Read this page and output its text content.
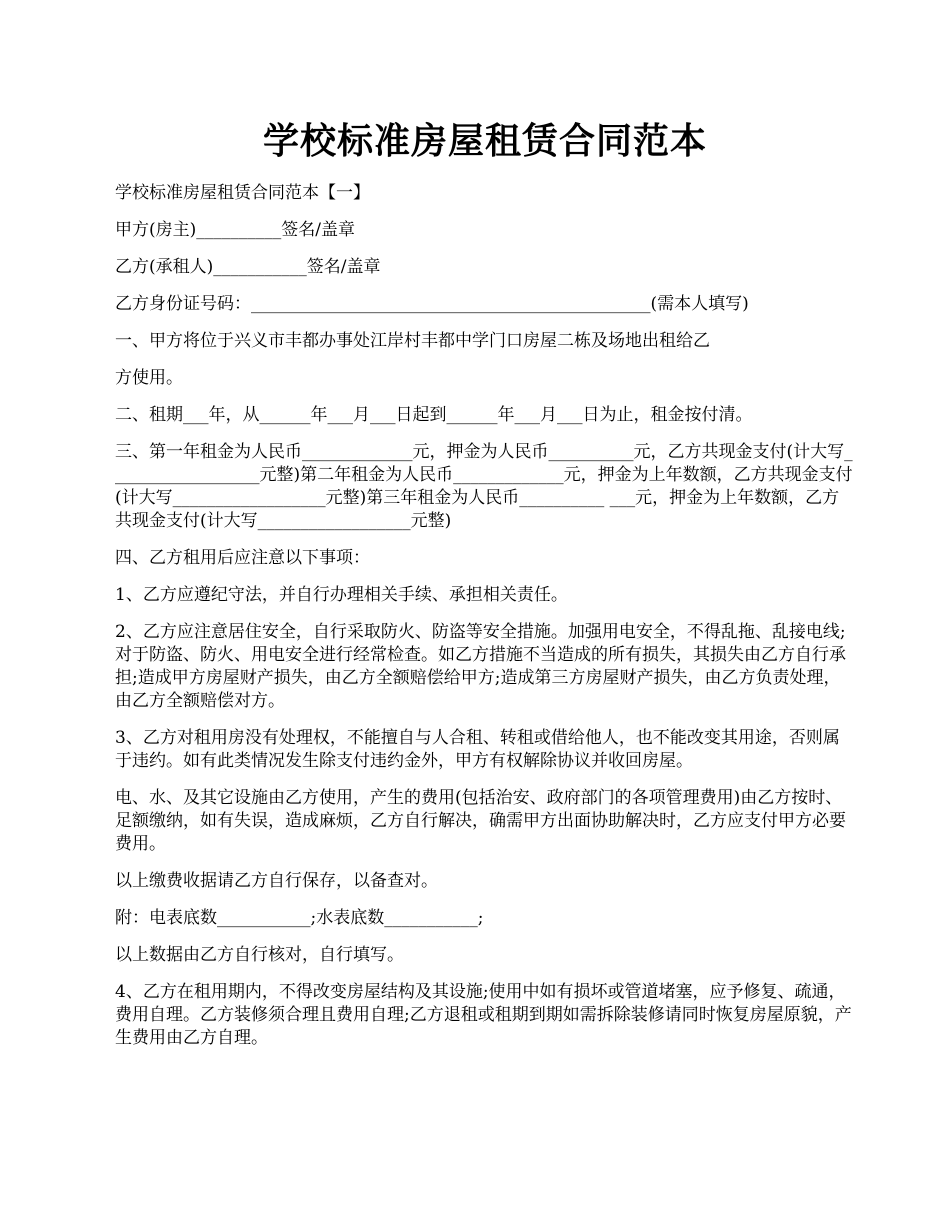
学校标准房屋租赁合同范本

学校标准房屋租赁合同范本【一】

甲方(房主)__________签名/盖章

乙方(承租人)___________签名/盖章

乙方身份证号码：_______________________________________________(需本人填写)

一、甲方将位于兴义市丰都办事处江岸村丰都中学门口房屋二栋及场地出租给乙

方使用。

二、租期___年，从______年___月___日起到______年___月___日为止，租金按付清。

三、第一年租金为人民币_____________元，押金为人民币__________元，乙方共现金支付(计大写__________________元整)第二年租金为人民币_____________元，押金为上年数额，乙方共现金支付(计大写__________________元整)第三年租金为人民币__________ ___元，押金为上年数额，乙方共现金支付(计大写__________________元整)

四、乙方租用后应注意以下事项：

1、乙方应遵纪守法，并自行办理相关手续、承担相关责任。

2、乙方应注意居住安全，自行采取防火、防盗等安全措施。加强用电安全，不得乱拖、乱接电线;对于防盗、防火、用电安全进行经常检查。如乙方措施不当造成的所有损失，其损失由乙方自行承担;造成甲方房屋财产损失，由乙方全额赔偿给甲方;造成第三方房屋财产损失，由乙方负责处理，由乙方全额赔偿对方。

3、乙方对租用房没有处理权，不能擅自与人合租、转租或借给他人，也不能改变其用途，否则属于违约。如有此类情况发生除支付违约金外，甲方有权解除协议并收回房屋。

电、水、及其它设施由乙方使用，产生的费用(包括治安、政府部门的各项管理费用)由乙方按时、足额缴纳，如有失误，造成麻烦，乙方自行解决，确需甲方出面协助解决时，乙方应支付甲方必要费用。

以上缴费收据请乙方自行保存，以备查对。

附：电表底数___________;水表底数___________;

以上数据由乙方自行核对，自行填写。

4、乙方在租用期内，不得改变房屋结构及其设施;使用中如有损坏或管道堵塞，应予修复、疏通，费用自理。乙方装修须合理且费用自理;乙方退租或租期到期如需拆除装修请同时恢复房屋原貌，产生费用由乙方自理。
